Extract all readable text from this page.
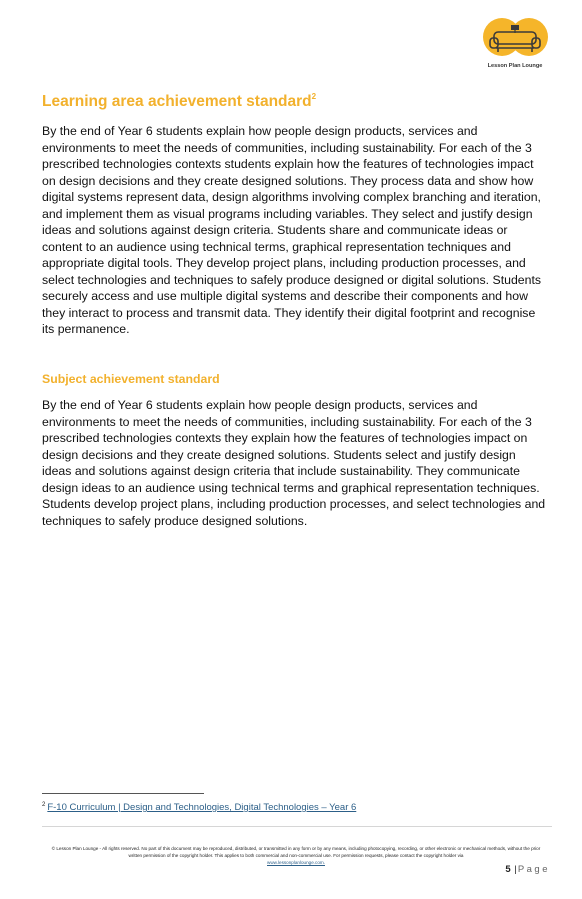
Lesson Plan Lounge
Learning area achievement standard$^2$

By the end of Year 6 students explain how people design products, services and environments to meet the needs of communities, including sustainability. For each of the 3 prescribed technologies contexts students explain how the features of technologies impact on design decisions and they create designed solutions. They process data and show how digital systems represent data, design algorithms involving complex branching and iteration, and implement them as visual programs including variables. They select and justify design ideas and solutions against design criteria. Students share and communicate ideas or content to an audience using technical terms, graphical representation techniques and appropriate digital tools. They develop project plans, including production processes, and select technologies and techniques to safely produce designed or digital solutions. Students securely access and use multiple digital systems and describe their components and how they interact to process and transmit data. They identify their digital footprint and recognise its permanence.

Subject achievement standard

By the end of Year 6 students explain how people design products, services and environments to meet the needs of communities, including sustainability. For each of the 3 prescribed technologies contexts they explain how the features of technologies impact on design decisions and they create designed solutions. Students select and justify design ideas and solutions against design criteria that include sustainability. They communicate design ideas to an audience using technical terms and graphical representation techniques. Students develop project plans, including production processes, and select technologies and techniques to safely produce designed solutions.

$^2$ F-10 Curriculum | Design and Technologies, Digital Technologies – Year 6
© Lesson Plan Lounge - All rights reserved. No part of this document may be reproduced, distributed, or transmitted in any form or by any means, including photocopying, recording, or other electronic or mechanical methods, without the prior written permission of the copyright holder. This applies to both commercial and non-commercial use. For permission requests, please contact the copyright holder via
www.lessonplanlounge.com.
5 |Page
